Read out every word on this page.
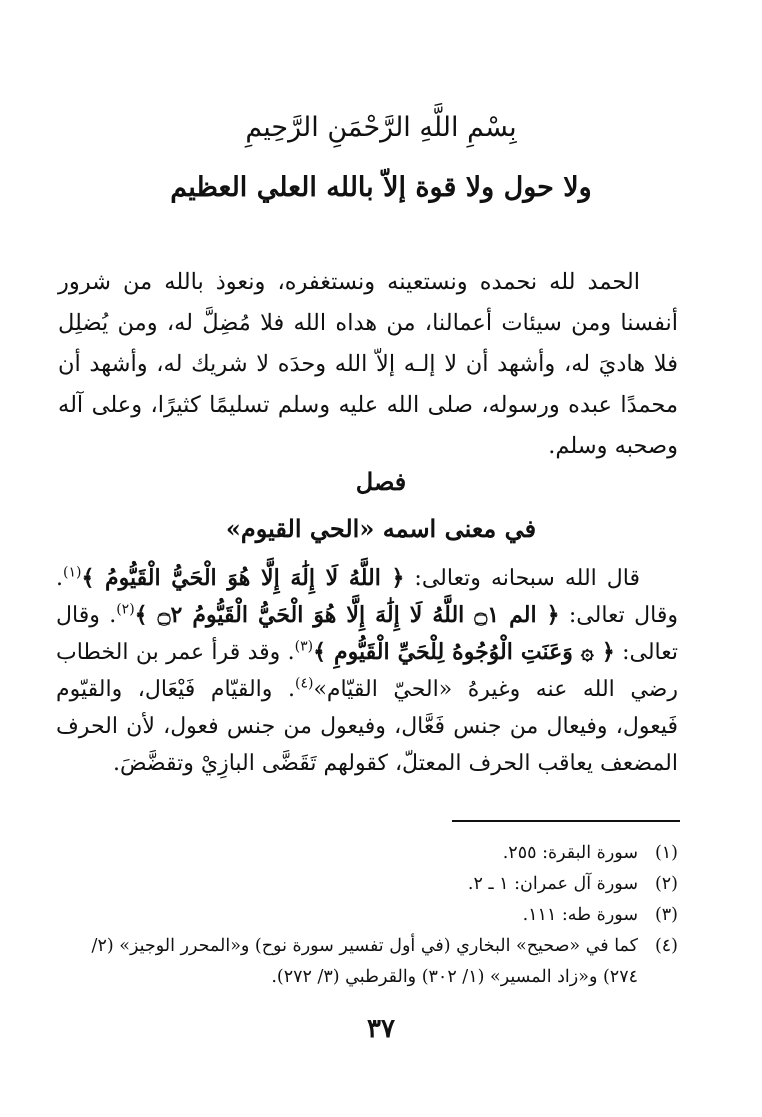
بِسْمِ اللَّهِ الرَّحْمَنِ الرَّحِيمِ
ولا حول ولا قوة إلاّ بالله العلي العظيم

الحمد لله نحمده ونستعينه ونستغفره، ونعوذ بالله من شرور أنفسنا ومن سيئات أعمالنا، من هداه الله فلا مُضِلَّ له، ومن يُضلِل فلا هاديَ له، وأشهد أن لا إلـه إلاّ الله وحدَه لا شريك له، وأشهد أن محمدًا عبده ورسوله، صلى الله عليه وسلم تسليمًا كثيرًا، وعلى آله وصحبه وسلم.

فصل
في معنى اسمه «الحي القيوم»

قال الله سبحانه وتعالى: ﴿ اللَّهُ لَا إِلَٰهَ إِلَّا هُوَ الْحَيُّ الْقَيُّومُ ﴾$^{(١)}$. وقال تعالى: ﴿ الم ۝١ اللَّهُ لَا إِلَٰهَ إِلَّا هُوَ الْحَيُّ الْقَيُّومُ ۝٢ ﴾$^{(٢)}$. وقال تعالى: ﴿ ۞ وَعَنَتِ الْوُجُوهُ لِلْحَيِّ الْقَيُّومِ ﴾$^{(٣)}$. وقد قرأ عمر بن الخطاب رضي الله عنه وغيرهُ «الحيّ القيّام»$^{(٤)}$. والقيّام فَيْعَال، والقيّوم فَيعول، وفيعال من جنس فَعَّال، وفيعول من جنس فعول، لأن الحرف المضعف يعاقب الحرف المعتلّ، كقولهم تَقَضَّى البازِيْ وتقضَّضَ.

(١)
سورة البقرة: ٢٥٥.
(٢)
سورة آل عمران: ١ ـ ٢.
(٣)
سورة طه: ١١١.
(٤)
كما في «صحيح» البخاري (في أول تفسير سورة نوح) و«المحرر الوجيز» (٢/ ٢٧٤) و«زاد المسير» (١/ ٣٠٢) والقرطبي (٣/ ٢٧٢).
٣٧
